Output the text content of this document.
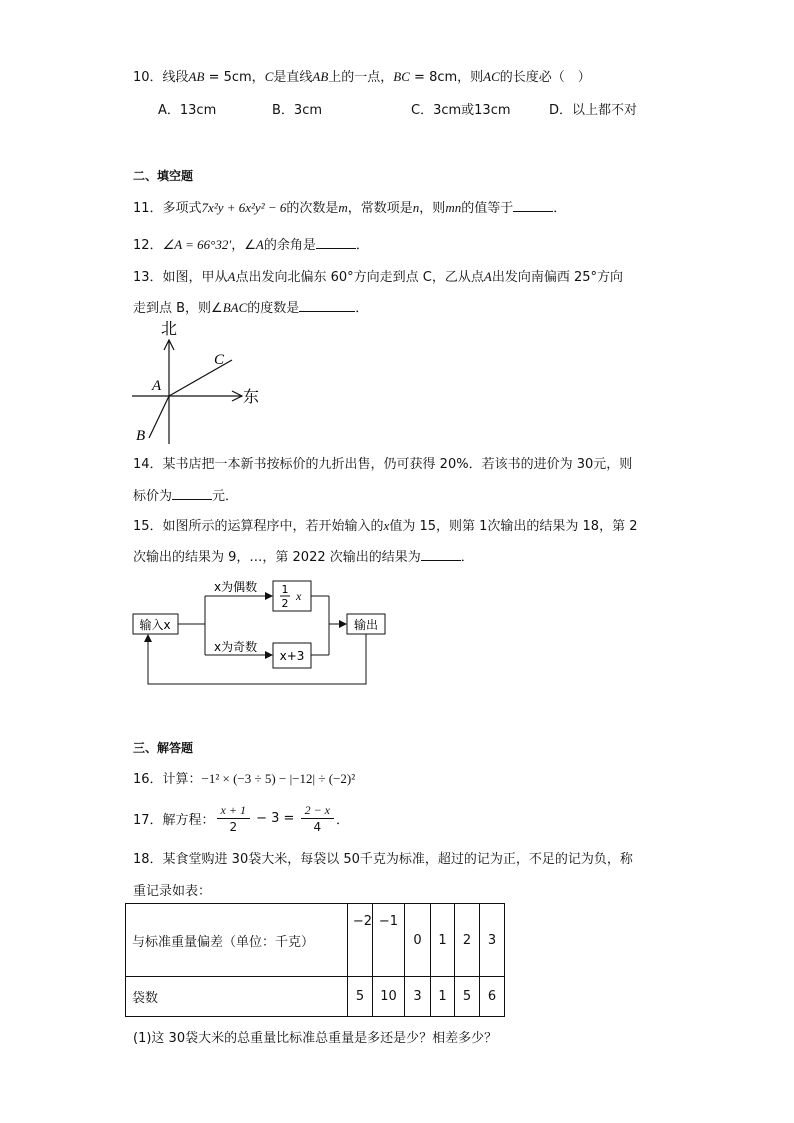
10．线段AB = 5cm，C是直线AB上的一点，BC = 8cm，则AC的长度必（　）
A．13cm	B．3cm	C．3cm或13cm	D．以上都不对
二、填空题
11．多项式7x²y + 6x²y² − 6的次数是m，常数项是n，则mn的值等于	．
12．∠A = 66°32′，∠A的余角是	．
13．如图，甲从A点出发向北偏东 60°方向走到点 C，乙从点A出发向南偏西 25°方向
走到点 B，则∠BAC的度数是	．
北
东
A
B
C
14．某书店把一本新书按标价的九折出售，仍可获得 20%．若该书的进价为 30元，则
标价为	元．
15．如图所示的运算程序中，若开始输入的x值为 15，则第 1次输出的结果为 18，第 2
次输出的结果为 9，…，第 2022 次输出的结果为	．
输入x
x为偶数
x为奇数
1
2
x
x+3
输出
三、解答题
16．计算：−1² × (−3 ÷ 5) − |−12| ÷ (−2)²
17．解方程： $\frac{x + 1}{2} - 3 = \frac{2 - x}{4}$ ．
18．某食堂购进 30袋大米，每袋以 50千克为标准，超过的记为正，不足的记为负，称
重记录如表：
与标准重量偏差（单位：千克）	−2	−1	0	1	2	3
袋数	5	10	3	1	5	6
(1)这 30袋大米的总重量比标准总重量是多还是少？相差多少？
